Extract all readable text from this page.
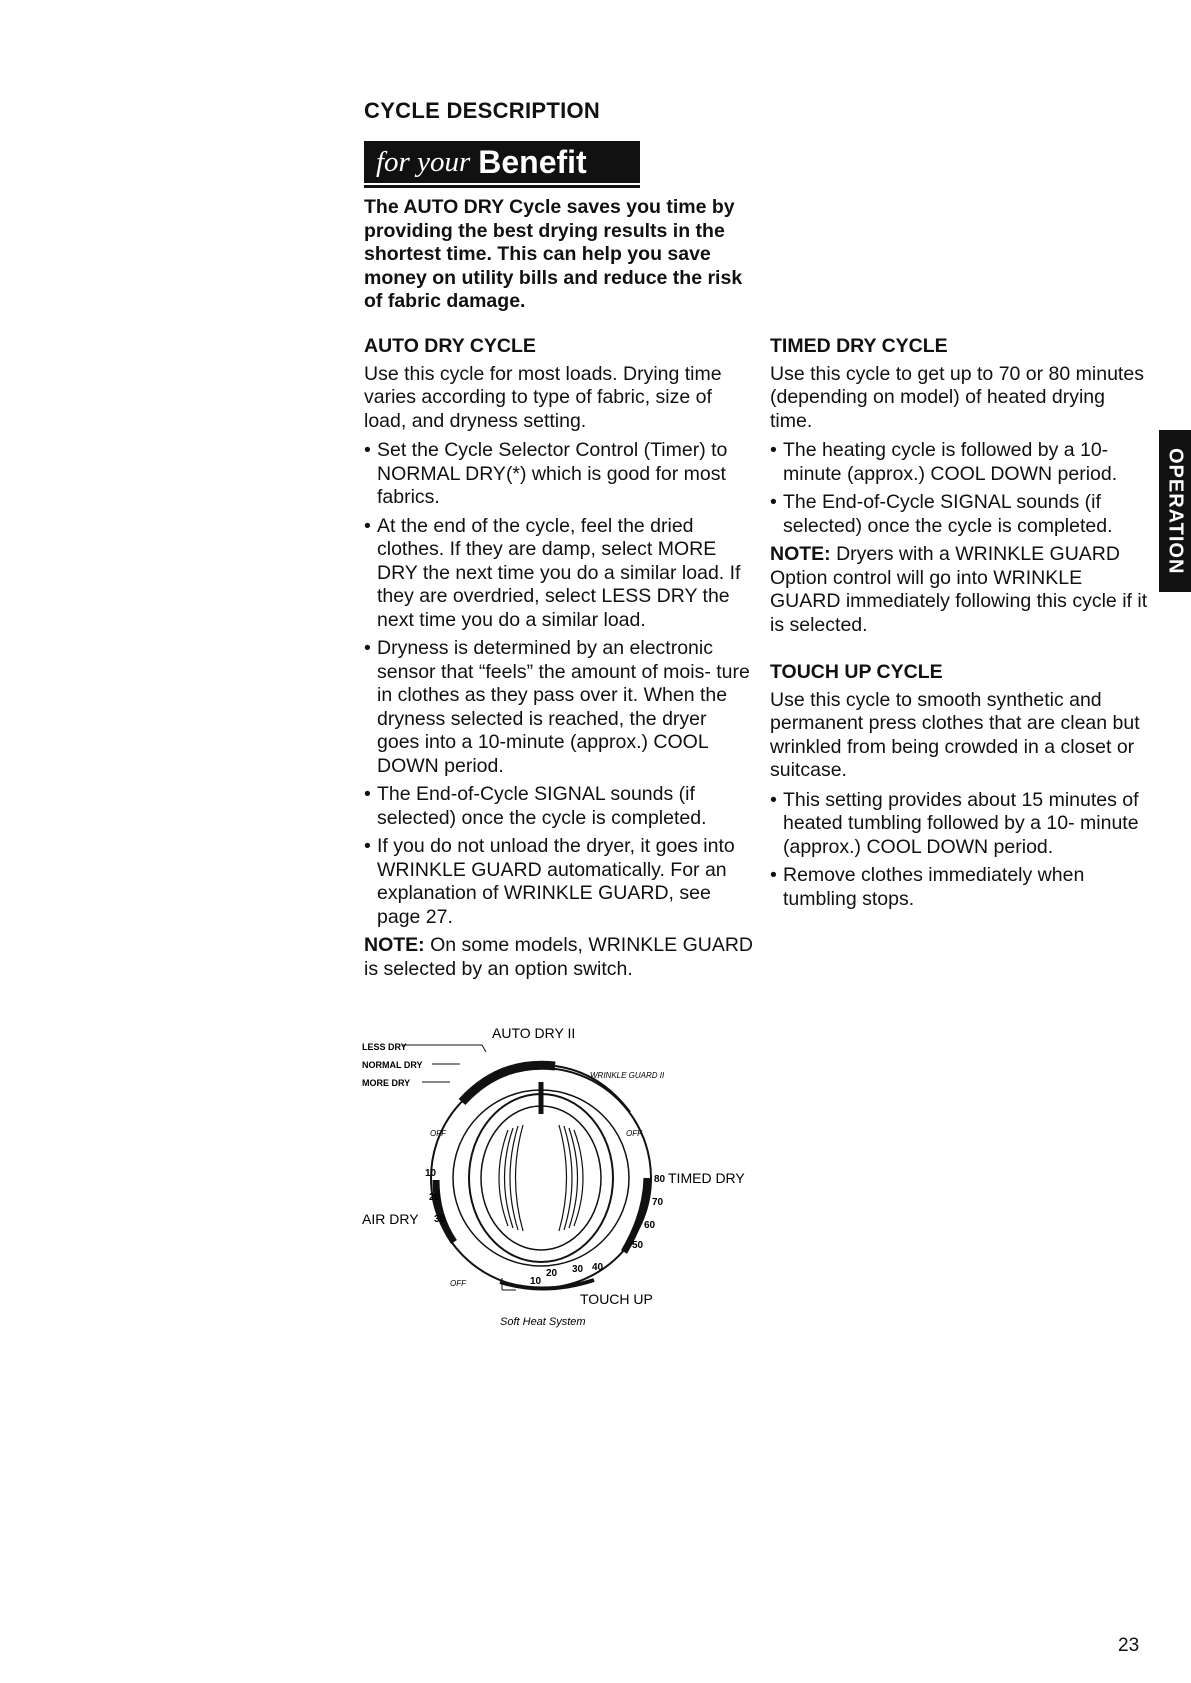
CYCLE DESCRIPTION
for your Benefit
The AUTO DRY Cycle saves you time by providing the best drying results in the shortest time. This can help you save money on utility bills and reduce the risk of fabric damage.
AUTO DRY CYCLE
Use this cycle for most loads. Drying time varies according to type of fabric, size of load, and dryness setting.
• Set the Cycle Selector Control (Timer) to NORMAL DRY(*) which is good for most fabrics.
• At the end of the cycle, feel the dried clothes. If they are damp, select MORE DRY the next time you do a similar load. If they are overdried, select LESS DRY the next time you do a similar load.
• Dryness is determined by an electronic sensor that “feels” the amount of mois- ture in clothes as they pass over it. When the dryness selected is reached, the dryer goes into a 10-minute (approx.) COOL DOWN period.
• The End-of-Cycle SIGNAL sounds (if selected) once the cycle is completed.
• If you do not unload the dryer, it goes into WRINKLE GUARD automatically. For an explanation of WRINKLE GUARD, see page 27.
NOTE: On some models, WRINKLE GUARD is selected by an option switch.
TIMED DRY CYCLE
Use this cycle to get up to 70 or 80 minutes (depending on model) of heated drying time.
• The heating cycle is followed by a 10- minute (approx.) COOL DOWN period.
• The End-of-Cycle SIGNAL sounds (if selected) once the cycle is completed.
NOTE: Dryers with a WRINKLE GUARD Option control will go into WRINKLE GUARD immediately following this cycle if it is selected.
TOUCH UP CYCLE
Use this cycle to smooth synthetic and permanent press clothes that are clean but wrinkled from being crowded in a closet or suitcase.
• This setting provides about 15 minutes of heated tumbling followed by a 10- minute (approx.) COOL DOWN period.
• Remove clothes immediately when tumbling stops.
OPERATION
AUTO DRY II
LESS DRY
NORMAL DRY
MORE DRY
WRINKLE GUARD II
OFF	OFF
OFF
10
20
30
AIR DRY
80 TIMED DRY
70
60
50
40
10
20 30
TOUCH UP
Soft Heat System
23
